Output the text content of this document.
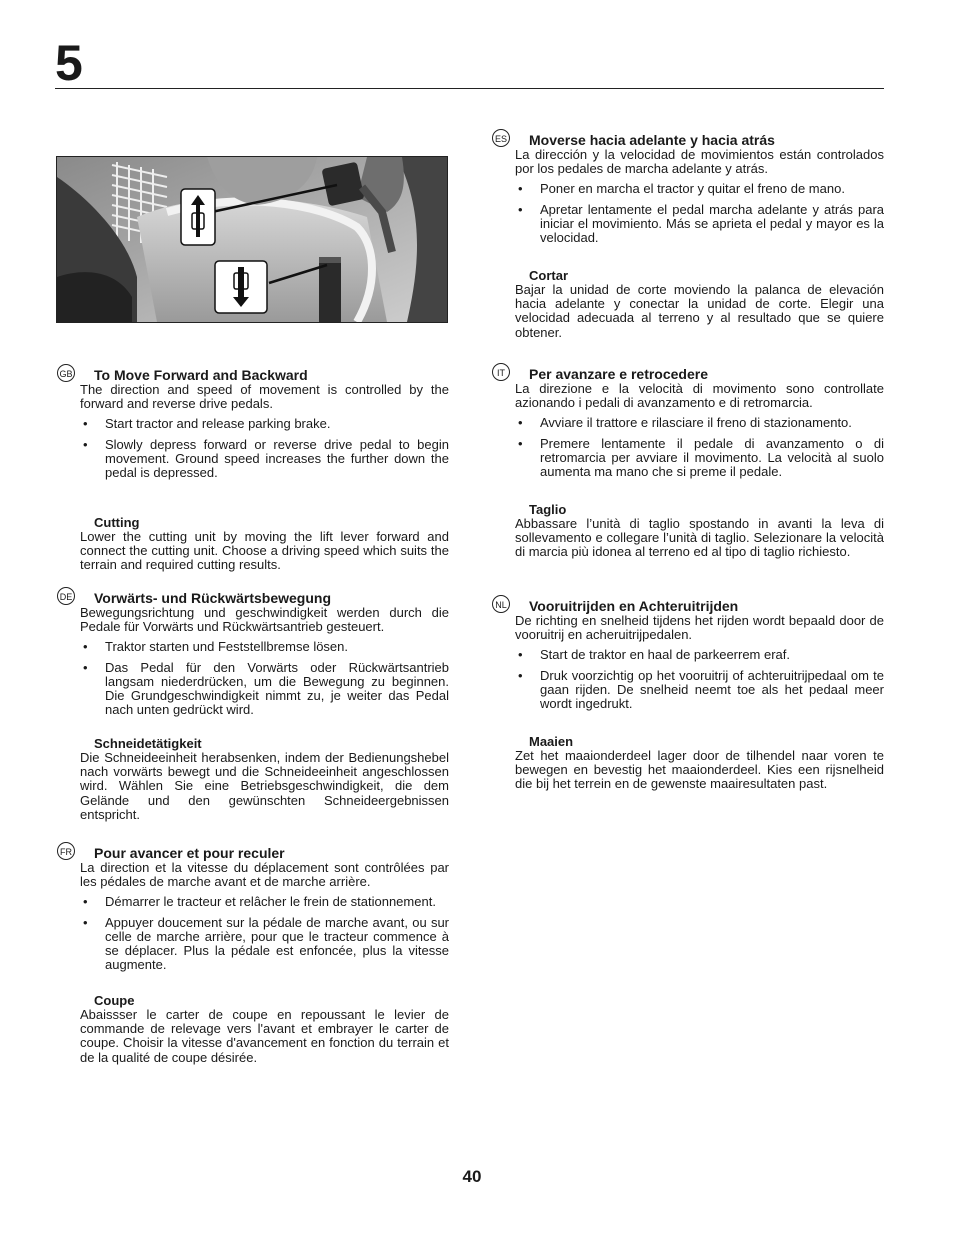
5
GB To Move Forward and Backward

The direction and speed of movement is controlled by the forward and reverse drive pedals.

• Start tractor and release parking brake.
• Slowly depress forward or reverse drive pedal to begin movement. Ground speed increases the further down the pedal is depressed.
Cutting

Lower the cutting unit by moving the lift lever forward and connect the cutting unit. Choose a driving speed which suits the terrain and required cutting results.

DE Vorwärts- und Rückwärtsbewegung

Bewegungsrichtung und geschwindigkeit werden durch die Pedale für Vorwärts und Rückwärtsantrieb gesteuert.

• Traktor starten und Feststellbremse lösen.
• Das Pedal für den Vorwärts oder Rückwärtsantrieb langsam niederdrücken, um die Bewegung zu beginnen. Die Grundgeschwindigkeit nimmt zu, je weiter das Pedal nach unten gedrückt wird.
Schneidetätigkeit

Die Schneideeinheit herabsenken, indem der Bedienungshebel nach vorwärts bewegt und die Schneideeinheit angeschlossen wird. Wählen Sie eine Betriebsgeschwindigkeit, die dem Gelände und den gewünschten Schneideergebnissen entspricht.

FR Pour avancer et pour reculer

La direction et la vitesse du déplacement sont contrôlées par les pédales de marche avant et de marche arrière.

• Démarrer le tracteur et relâcher le frein de stationnement.
• Appuyer doucement sur la pédale de marche avant, ou sur celle de marche arrière, pour que le tracteur commence à se déplacer. Plus la pédale est enfoncée, plus la vitesse augmente.
Coupe

Abaissser le carter de coupe en repoussant le levier de commande de relevage vers l'avant et embrayer le carter de coupe. Choisir la vitesse d'avancement en fonction du terrain et de la qualité de coupe désirée.

ES Moverse hacia adelante y hacia atrás

La dirección y la velocidad de movimientos están controlados por los pedales de marcha adelante y atrás.

• Poner en marcha el tractor y quitar el freno de mano.
• Apretar lentamente el pedal marcha adelante y atrás para iniciar el movimiento. Más se aprieta el pedal y mayor es la velocidad.
Cortar

Bajar la unidad de corte moviendo la palanca de elevación hacia adelante y conectar la unidad de corte. Elegir una velocidad adecuada al terreno y al resultado que se quiere obtener.

IT	Per avanzare e retrocedere

La direzione e la velocità di movimento sono controllate azionando i pedali di avanzamento e di retromarcia.

• Avviare il trattore e rilasciare il freno di stazionamento.
• Premere lentamente il pedale di avanzamento o di retromarcia per avviare il movimento. La velocità al suolo aumenta ma mano che si preme il pedale.
Taglio

Abbassare l’unità di taglio spostando in avanti la leva di sollevamento e collegare l’unità di taglio. Selezionare la velocità di marcia più idonea al terreno ed al tipo di taglio richiesto.

NL Vooruitrijden en Achteruitrijden

De richting en snelheid tijdens het rijden wordt bepaald door de vooruitrij en acheruitrijpedalen.

• Start de traktor en haal de parkeerrem eraf.
• Druk voorzichtig op het vooruitrij of achteruitrijpedaal om te gaan rijden. De snelheid neemt toe als het pedaal meer wordt ingedrukt.
Maaien

Zet het maaionderdeel lager door de tilhendel naar voren te bewegen en bevestig het maaionderdeel. Kies een rijsnelheid die bij het terrein en de gewenste maairesultaten past.

40
